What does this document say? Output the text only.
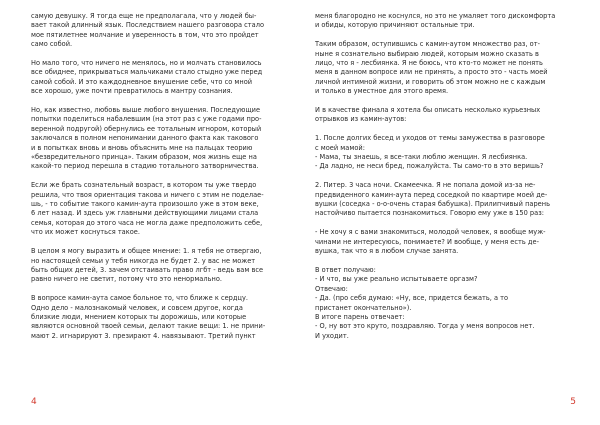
самую девушку. Я тогда еще не предполагала, что у людей бы-
вает такой длинный язык. Последствием нашего разговора стало
мое пятилетнее молчание и уверенность в том, что это пройдет
само собой.

Но мало того, что ничего не менялось, но и молчать становилось
все обиднее, прикрываться мальчиками стало стыдно уже перед
самой собой. И это каждодневное внушение себе, что со мной
все хорошо, уже почти превратилось в мантру сознания.

Но, как известно, любовь выше любого внушения. Последующие
попытки поделиться набалевшим (на этот раз с уже годами про-
веренной подругой) обернулись ее тотальным игнором, который
заключался в полном непонимании данного факта как такового
и в попытках вновь и вновь объяснить мне на пальцах теорию
«безвредительного принца». Таким образом, моя жизнь еще на
какой-то период перешла в стадию тотального затворничества.

Если же брать сознательный возраст, в котором ты уже твердо
решила, что твоя ориентация такова и ничего с этим не поделае-
шь, - то событие такого камин-аута произошло уже в этом веке,
6 лет назад. И здесь уж главными действующими лицами стала
семья, которая до этого часа не могла даже предположить себе,
что их может коснуться такое.

В целом я могу выразить и общее мнение: 1. я тебя не отвергаю,
но настоящей семьи у тебя никогда не будет 2. у вас не может
быть общих детей, 3. зачем отстаивать право лгбт - ведь вам все
равно ничего не светит, потому что это ненормально.

В вопросе камин-аута самое больное то, что ближе к сердцу.
Одно дело - малознакомый человек, и совсем другое, когда
близкие люди, мнением которых ты дорожишь, или которые
являются основной твоей семьи, делают такие вещи: 1. не прини-
мают 2. игнарируют 3. презирают 4. навязывают. Третий пункт

4

меня благородно не коснулся, но это не умаляет того дискомфорта
и обиды, которую причиняют остальные три.

Таким образом, оступившись с камин-аутом множество раз, от-
ныне я сознательно выбираю людей, которым можно сказать в
лицо, что я - лесбиянка. Я не боюсь, что кто-то может не понять
меня в данном вопросе или не принять, а просто это - часть моей
личной интимной жизни, и говорить об этом можно не с каждым
и только в уместное для этого время.

И в качестве финала я хотела бы описать несколько курьезных
отрывков из камин-аутов:

1. После долгих бесед и уходов от темы замужества в разговоре
с моей мамой:
- Мама, ты знаешь, я все-таки люблю женщин. Я лесбиянка.
- Да ладно, не неси бред, пожалуйста. Ты само-то в это веришь?

2. Питер. 3 часа ночи. Скамеечка. Я не попала домой из-за не-
предвиденного камин-аута перед соседкой по квартире моей де-
вушки (соседка - о-о-очень старая бабушка). Прилипчивый парень
настойчиво пытается познакомиться. Говорю ему уже в 150 раз:

- Не хочу я с вами знакомиться, молодой человек, я вообще муж-
чинами не интересуюсь, понимаете? И вообще, у меня есть де-
вушка, так что я в любом случае занята.

В ответ получаю:
- И что, вы уже реально испытываете оргазм?
Отвечаю:
- Да. (про себя думаю: «Ну, все, придется бежать, а то
пристанет окончательно»).
В итоге парень отвечает:
- О, ну вот это круто, поздравляю. Тогда у меня вопросов нет.
И уходит.

5
